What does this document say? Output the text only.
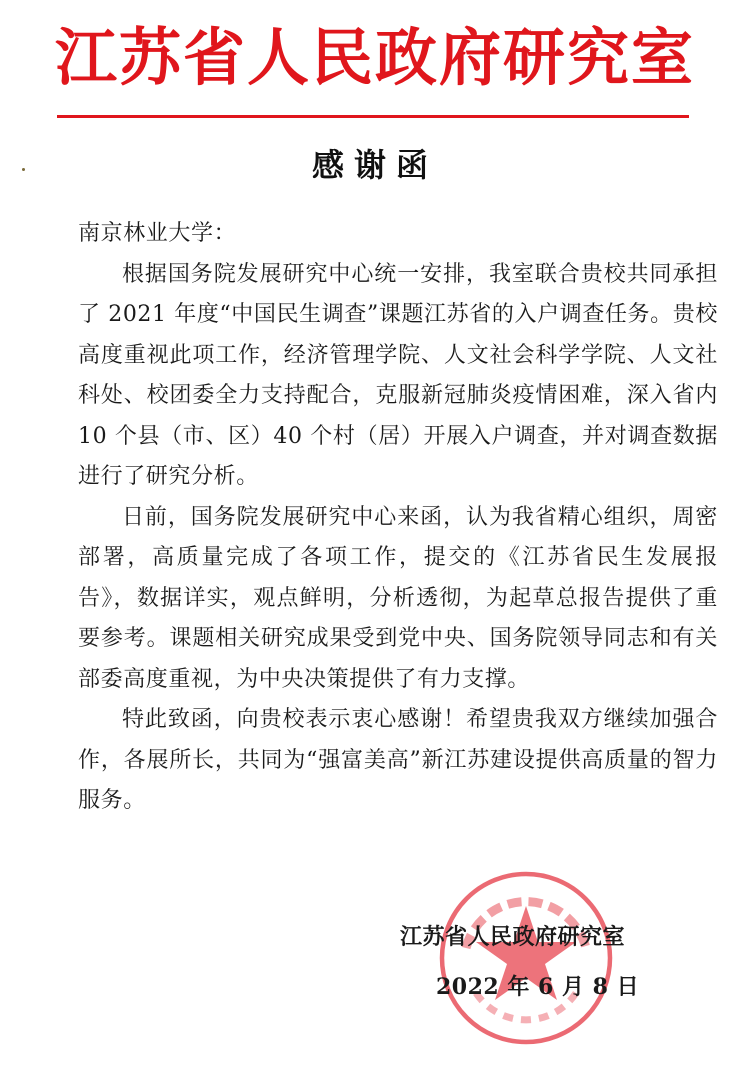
江苏省人民政府研究室
感谢函

南京林业大学：

根据国务院发展研究中心统一安排，我室联合贵校共同承担了 2021 年度“中国民生调查”课题江苏省的入户调查任务。贵校高度重视此项工作，经济管理学院、人文社会科学学院、人文社科处、校团委全力支持配合，克服新冠肺炎疫情困难，深入省内 10 个县（市、区）40 个村（居）开展入户调查，并对调查数据进行了研究分析。

日前，国务院发展研究中心来函，认为我省精心组织，周密部署，高质量完成了各项工作，提交的《江苏省民生发展报告》，数据详实，观点鲜明，分析透彻，为起草总报告提供了重要参考。课题相关研究成果受到党中央、国务院领导同志和有关部委高度重视，为中央决策提供了有力支撑。

特此致函，向贵校表示衷心感谢！希望贵我双方继续加强合作，各展所长，共同为“强富美高”新江苏建设提供高质量的智力服务。

江苏省人民政府研究室
2022 年 6 月 8 日
